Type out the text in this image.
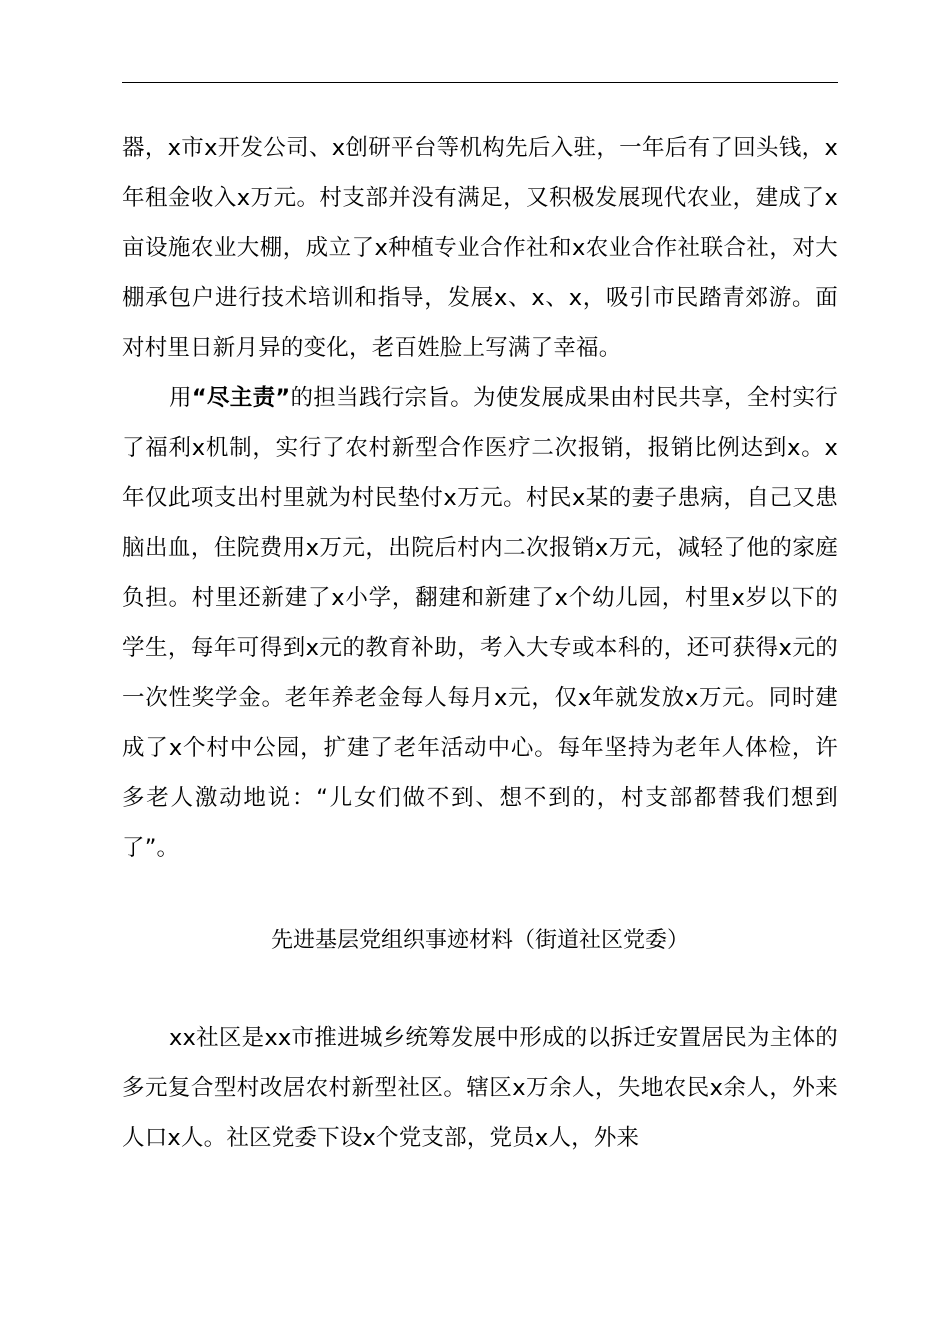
器，x市x开发公司、x创研平台等机构先后入驻，一年后有了回头钱，x年租金收入x万元。村支部并没有满足，又积极发展现代农业，建成了x亩设施农业大棚，成立了x种植专业合作社和x农业合作社联合社，对大棚承包户进行技术培训和指导，发展x、x、x，吸引市民踏青郊游。面对村里日新月异的变化，老百姓脸上写满了幸福。

用“尽主责”的担当践行宗旨。为使发展成果由村民共享，全村实行了福利x机制，实行了农村新型合作医疗二次报销，报销比例达到x。x年仅此项支出村里就为村民垫付x万元。村民x某的妻子患病，自己又患脑出血，住院费用x万元，出院后村内二次报销x万元，减轻了他的家庭负担。村里还新建了x小学，翻建和新建了x个幼儿园，村里x岁以下的学生，每年可得到x元的教育补助，考入大专或本科的，还可获得x元的一次性奖学金。老年养老金每人每月x元，仅x年就发放x万元。同时建成了x个村中公园，扩建了老年活动中心。每年坚持为老年人体检，许多老人激动地说：“儿女们做不到、想不到的，村支部都替我们想到了”。

先进基层党组织事迹材料（街道社区党委）

xx社区是xx市推进城乡统筹发展中形成的以拆迁安置居民为主体的多元复合型村改居农村新型社区。辖区x万余人，失地农民x余人，外来人口x人。社区党委下设x个党支部，党员x人，外来
